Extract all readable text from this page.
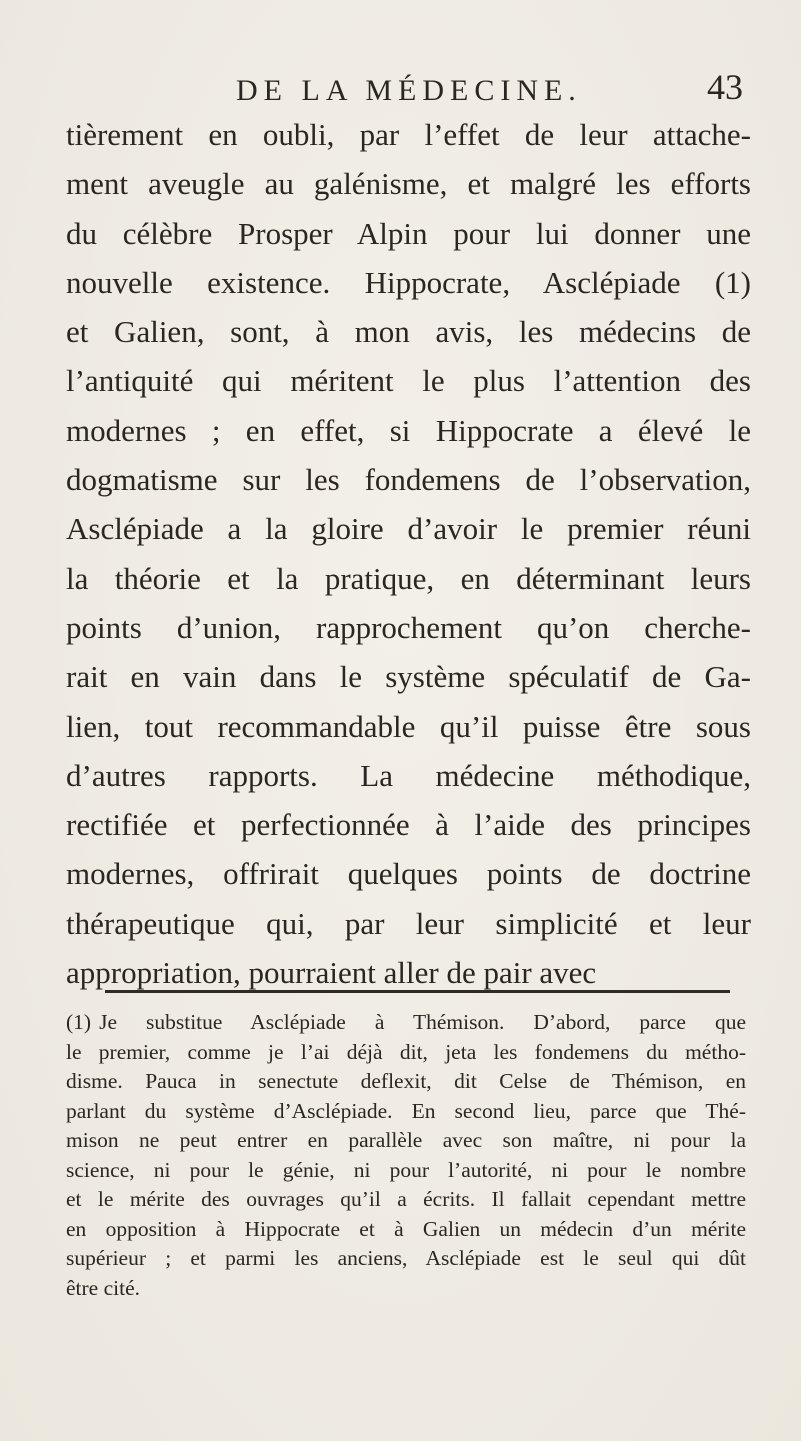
DE LA MÉDECINE.	43
tièrement en oubli, par l’effet de leur attache-
ment aveugle au galénisme, et malgré les efforts
du célèbre Prosper Alpin pour lui donner une
nouvelle existence. Hippocrate, Asclépiade (1)
et Galien, sont, à mon avis, les médecins de
l’antiquité qui méritent le plus l’attention des
modernes ; en effet, si Hippocrate a élevé le
dogmatisme sur les fondemens de l’observation,
Asclépiade a la gloire d’avoir le premier réuni
la théorie et la pratique, en déterminant leurs
points d’union, rapprochement qu’on cherche-
rait en vain dans le système spéculatif de Ga-
lien, tout recommandable qu’il puisse être sous
d’autres rapports. La médecine méthodique,
rectifiée et perfectionnée à l’aide des principes
modernes, offrirait quelques points de doctrine
thérapeutique qui, par leur simplicité et leur
appropriation, pourraient aller de pair avec
(1) Je substitue Asclépiade à Thémison. D’abord, parce que
le premier, comme je l’ai déjà dit, jeta les fondemens du métho-
disme. Pauca in senectute deflexit, dit Celse de Thémison, en
parlant du système d’Asclépiade. En second lieu, parce que Thé-
mison ne peut entrer en parallèle avec son maître, ni pour la
science, ni pour le génie, ni pour l’autorité, ni pour le nombre
et le mérite des ouvrages qu’il a écrits. Il fallait cependant mettre
en opposition à Hippocrate et à Galien un médecin d’un mérite
supérieur ; et parmi les anciens, Asclépiade est le seul qui dût
être cité.
